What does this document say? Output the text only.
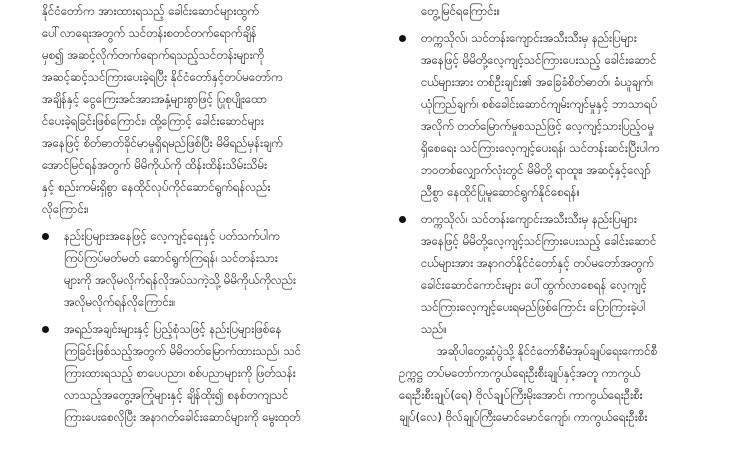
နိုင်ငံတော်က အားထားရသည့် ခေါင်းဆောင်များထွက်
ပေါ်လာရေးအတွက် သင်တန်းစတင်တက်ရောက်ချိန်
မှစ၍ အဆင့်လိုက်တက်ရောက်ရသည့်သင်တန်းများကို
အဆင့်ဆင့်သင်ကြားပေးခဲ့ရပြီး နိုင်ငံတော်နှင့်တပ်မတော်က
အချိန်နှင့် ငွေကြေးအင်အားအနှံ့များစွာဖြင့် ပြုစုပျိုးထော
င်ပေးခဲ့ရခြင်းဖြစ်ကြောင်း၊ ထို့ကြောင့် ခေါင်းဆောင်များ
အနေဖြင့် စိတ်ဓာတ်ခိုင်မာမှုရှိရမည်ဖြစ်ပြီး မိမိရည်မှန်းချက်
အောင်မြင်ရန်အတွက် မိမိကိုယ်ကို ထိန်းထိန်းသိမ်းသိမ်း
နှင့် စည်းကမ်းရှိစွာ နေထိုင်လုပ်ကိုင်ဆောင်ရွက်ရန်လည်း
လိုကြောင်း၊
နည်းပြများအနေဖြင့် လေ့ကျင့်ရေးနှင့် ပတ်သက်ပါက
ကြပ်ကြပ်မတ်မတ် ဆောင်ရွက်ကြရန်၊ သင်တန်းသား
များကို အလိုမလိုက်ရန်လိုအပ်သကဲ့သို့ မိမိကိုယ်ကိုလည်း
အလိုမလိုက်ရန်လိုကြောင်း။
အရည်အချင်းများနှင့် ပြည့်စုံသဖြင့် နည်းပြများဖြစ်နေ
ကြခြင်းဖြစ်သည့်အတွက် မိမိတတ်မြောက်ထားသည်၊ သင်
ကြားထားရသည့် စာပေပညာ၊ စစ်ပညာများကို ဖြတ်သန်း
လာသည့်အတွေ့အကြုံများနှင့် ချိန်ထိုး၍ စနစ်တကျသင်
ကြားပေးစေလိုပြီး အနာဂတ်ခေါင်းဆောင်များကို မွေးထုတ်
တွေ့မြင်ရကြောင်း။
တက္ကသိုလ်၊ သင်တန်းကျောင်းအသီးသီးမှ နည်းပြများ
အနေဖြင့် မိမိတို့လေ့ကျင့်သင်ကြားပေးသည့် ခေါင်းဆောင်
ငယ်များအား တစ်ဦးချင်း၏ အခြေခံစိတ်ဓာတ်၊ ခံယူချက်၊
ယုံကြည်ချက်၊ စစ်ခေါင်းဆောင်ကျမ်းကျင်မှုနှင့် ဘာသာရပ်
အလိုက် တတ်မြောက်မှုစသည်ဖြင့် လေ့ကျင့်သားပြည့်ဝမှု
ရှိစေရေး သင်ကြားလေ့ကျင့်ပေးရန်၊ သင်တန်းဆင်းပြီးပါက
ဘဝတစ်လျှောက်လုံးတွင် မိမိတို့ ရာထူး၊ အဆင့်နှင့်လျော်
ညီစွာ နေထိုင်ပြုမူဆောင်ရွက်နိုင်စေရန်။
တက္ကသိုလ်၊ သင်တန်းကျောင်းအသီးသီးမှ နည်းပြများ
အနေဖြင့် မိမိတို့လေ့ကျင့်သင်ကြားပေးသည့် ခေါင်းဆောင်
ငယ်များအား အနာဂတ်နိုင်ငံတော်နှင့် တပ်မတော်အတွက်
ခေါင်းဆောင်ကောင်းများ ပေါ်ထွက်လာစေရန် လေ့ကျင့်
သင်ကြားလေ့ကျင့်ပေးရမည်ဖြစ်ကြောင်း ပြောကြားခဲ့ပါ
သည်။
အဆိုပါတွေ့ဆုံပွဲသို့ နိုင်ငံတော်စီမံအုပ်ချုပ်ရေးကောင်စီ
ဥက္ကဋ္ဌ တပ်မတော်ကာကွယ်ရေးဦးစီးချုပ်နှင့်အတူ ကာကွယ်
ရေးဦးစီးချုပ်(ရေ) ဗိုလ်ချုပ်ကြီးမိုးအောင်၊ ကာကွယ်ရေးဦးစီး
ချုပ်(လေ) ဗိုလ်ချုပ်ကြီးမောင်မောင်ကျော်၊ ကာကွယ်ရေးဦးစီး
